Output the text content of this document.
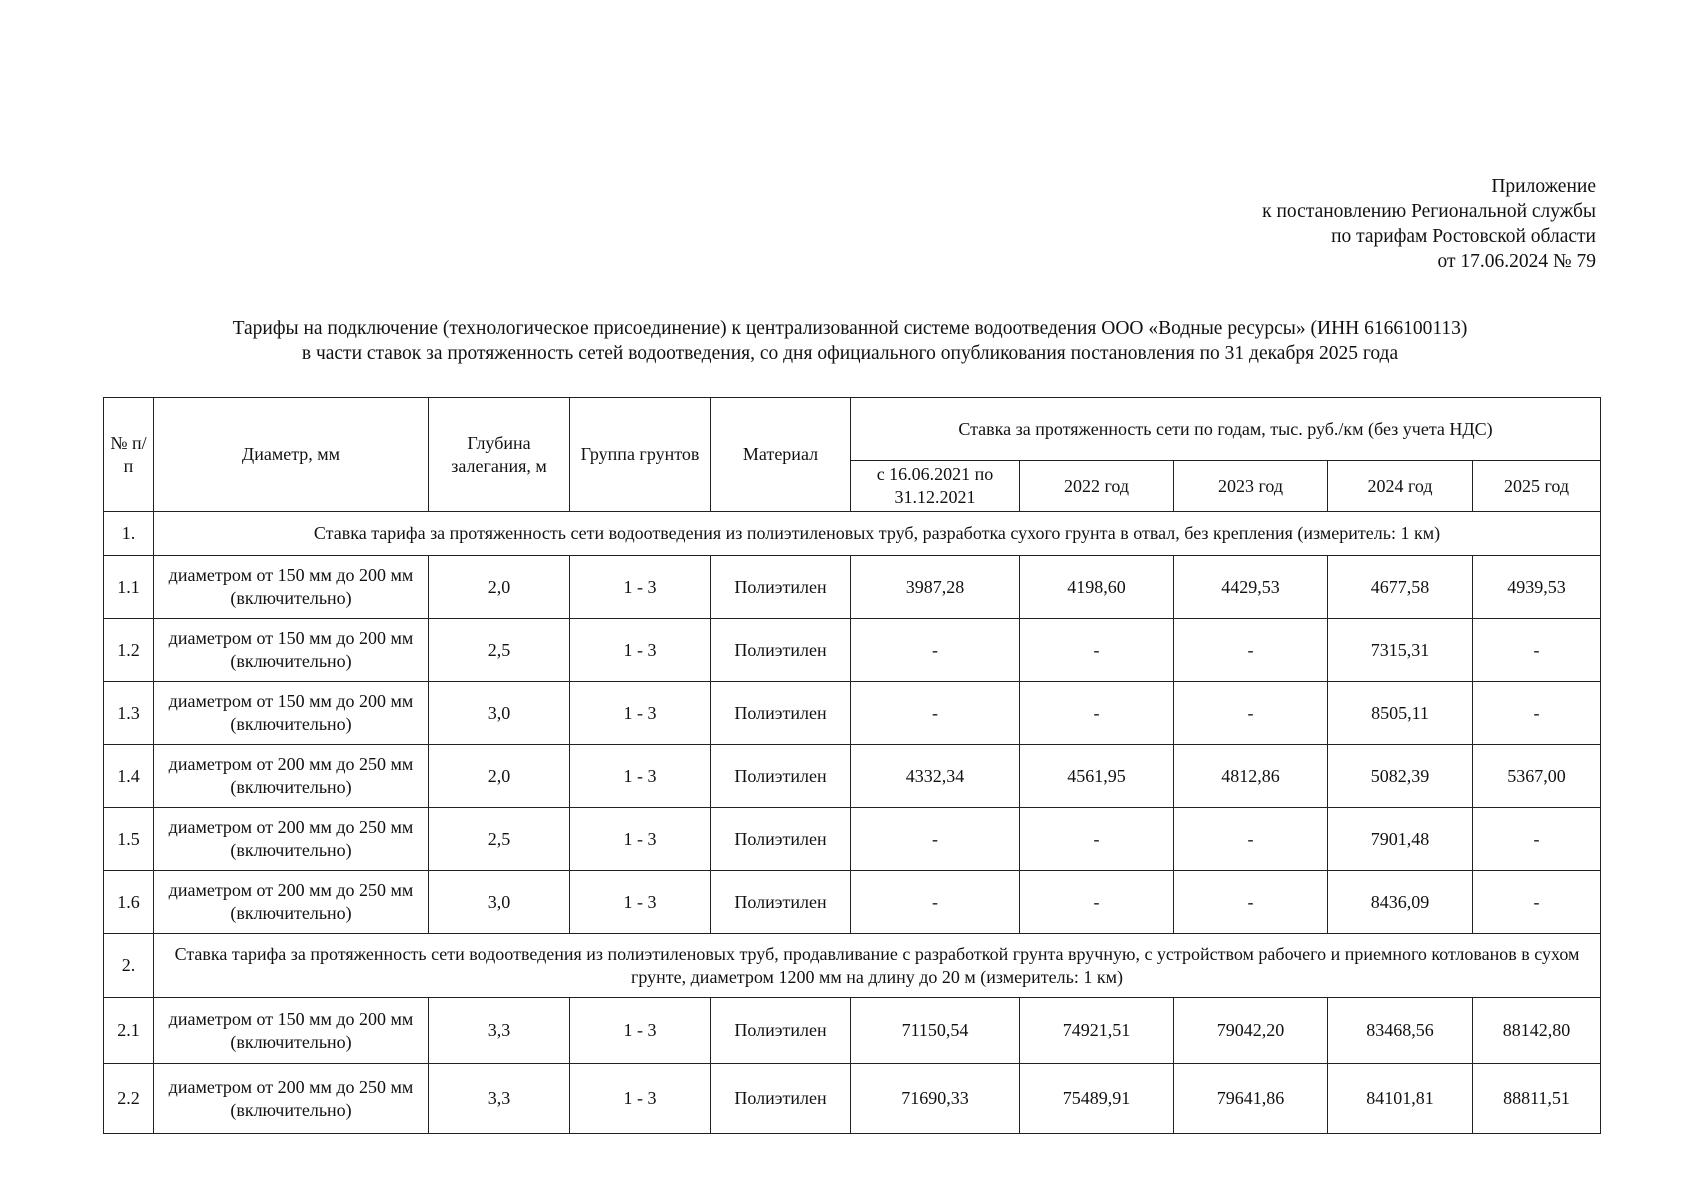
Приложение
к постановлению Региональной службы
по тарифам Ростовской области
от 17.06.2024 № 79
Тарифы на подключение (технологическое присоединение) к централизованной системе водоотведения ООО «Водные ресурсы» (ИНН 6166100113)
в части ставок за протяженность сетей водоотведения, со дня официального опубликования постановления по 31 декабря 2025 года
№ п/п	Диаметр, мм	Глубина залегания, м	Группа грунтов	Материал	Ставка за протяженность сети по годам, тыс. руб./км (без учета НДС)				
					с 16.06.2021 по 31.12.2021	2022 год	2023 год	2024 год	2025 год
1.	Ставка тарифа за протяженность сети водоотведения из полиэтиленовых труб, разработка сухого грунта в отвал, без крепления (измеритель: 1 км)								
1.1	диаметром от 150 мм до 200 мм (включительно)	2,0	1 - 3	Полиэтилен	3987,28	4198,60	4429,53	4677,58	4939,53
1.2	диаметром от 150 мм до 200 мм (включительно)	2,5	1 - 3	Полиэтилен	-	-	-	7315,31	-
1.3	диаметром от 150 мм до 200 мм (включительно)	3,0	1 - 3	Полиэтилен	-	-	-	8505,11	-
1.4	диаметром от 200 мм до 250 мм (включительно)	2,0	1 - 3	Полиэтилен	4332,34	4561,95	4812,86	5082,39	5367,00
1.5	диаметром от 200 мм до 250 мм (включительно)	2,5	1 - 3	Полиэтилен	-	-	-	7901,48	-
1.6	диаметром от 200 мм до 250 мм (включительно)	3,0	1 - 3	Полиэтилен	-	-	-	8436,09	-
2.	Ставка тарифа за протяженность сети водоотведения из полиэтиленовых труб, продавливание с разработкой грунта вручную, с устройством рабочего и приемного котлованов в сухом грунте, диаметром 1200 мм на длину до 20 м (измеритель: 1 км)								
2.1	диаметром от 150 мм до 200 мм (включительно)	3,3	1 - 3	Полиэтилен	71150,54	74921,51	79042,20	83468,56	88142,80
2.2	диаметром от 200 мм до 250 мм (включительно)	3,3	1 - 3	Полиэтилен	71690,33	75489,91	79641,86	84101,81	88811,51
